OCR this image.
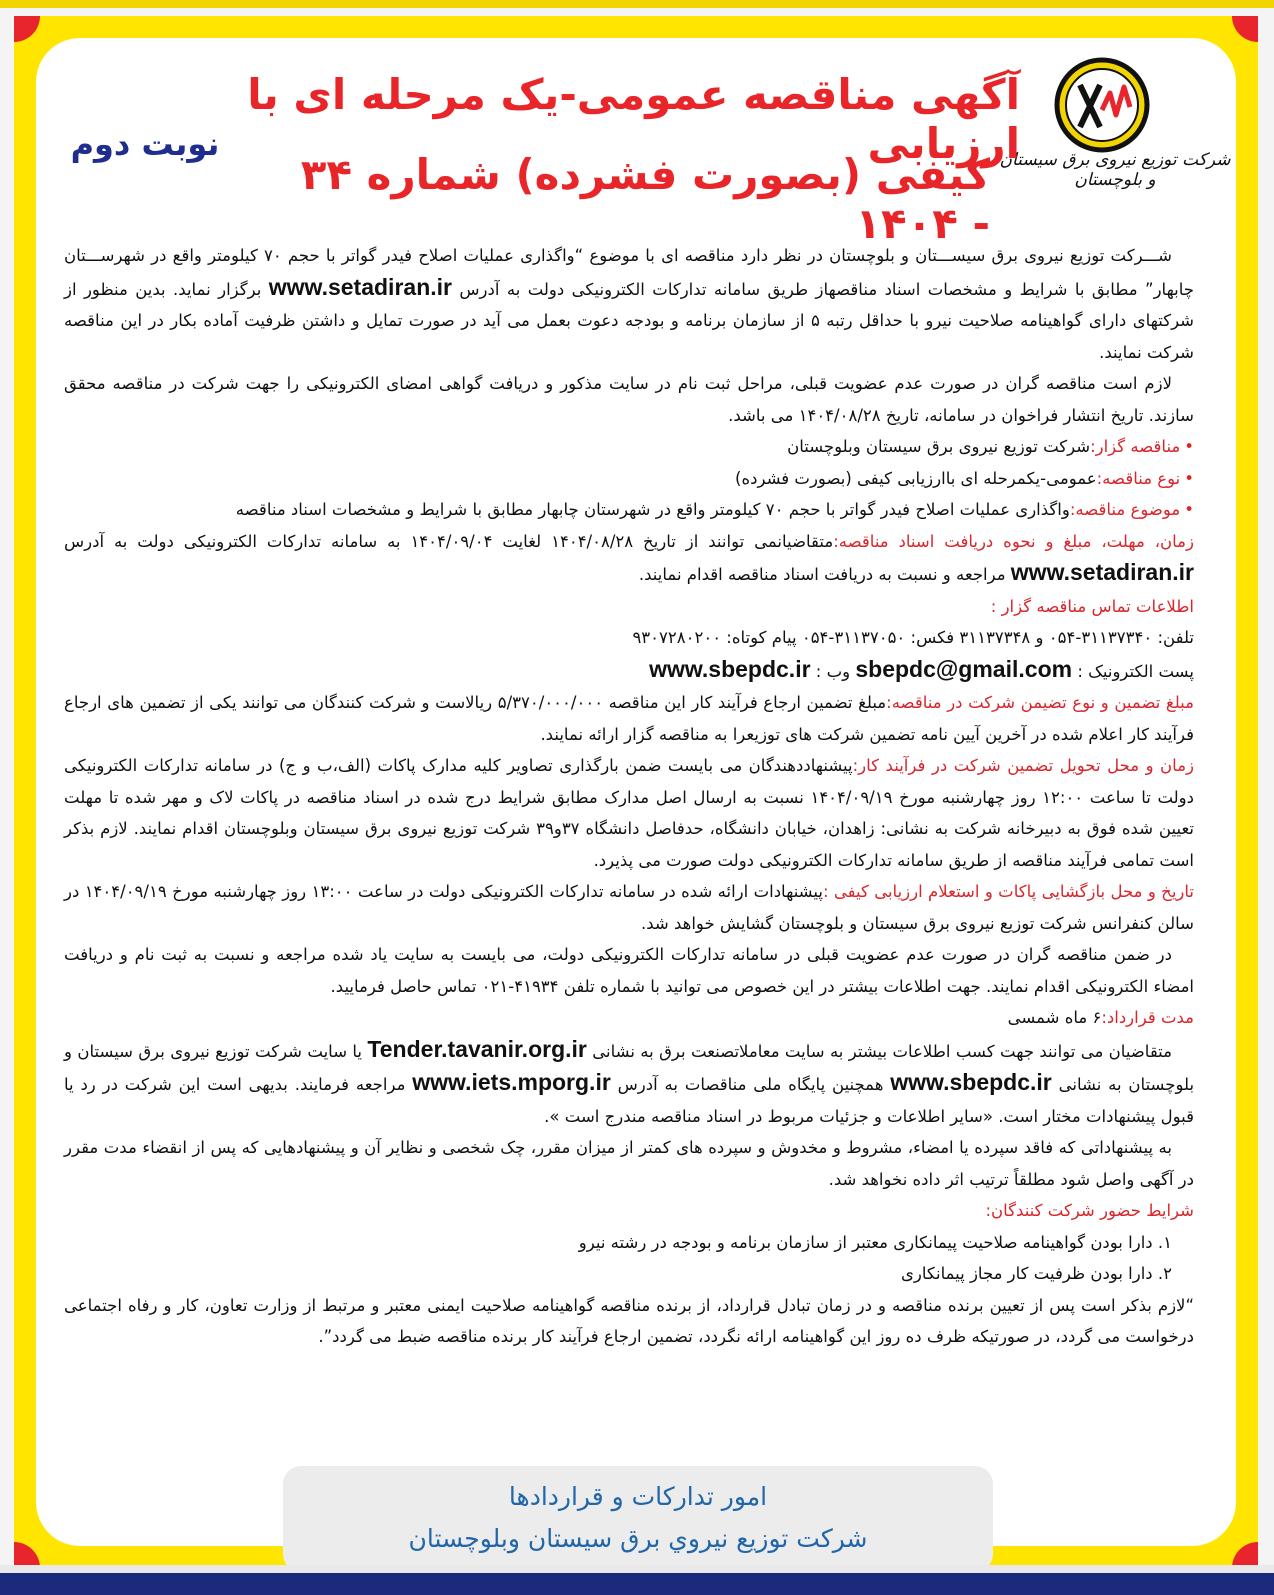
شرکت توزیع نیروی برق سیستان و بلوچستان
آگهی مناقصه عمومی-یک مرحله ای با ارزیابی
کیفی (بصورت فشرده) شماره ۳۴ - ۱۴۰۴
نوبت دوم

شـــرکت توزیع نیروی برق سیســـتان و بلوچستان در نظر دارد مناقصه ای با موضوع “واگذاری عملیات اصلاح فیدر گواتر با حجم ۷۰ کیلومتر واقع در شهرســـتان چابهار” مطابق با شرایط و مشخصات اسناد مناقصهاز طریق سامانه تدارکات الکترونیکی دولت به آدرس www.setadiran.ir برگزار نماید. بدین منظور از شرکتهای دارای گواهینامه صلاحیت نیرو با حداقل رتبه ۵ از سازمان برنامه و بودجه دعوت بعمل می آید در صورت تمایل و داشتن ظرفیت آماده بکار در این مناقصه شرکت نمایند.

لازم است مناقصه گران در صورت عدم عضویت قبلی، مراحل ثبت نام در سایت مذکور و دریافت گواهی امضای الکترونیکی را جهت شرکت در مناقصه محقق سازند. تاریخ انتشار فراخوان در سامانه، تاریخ ۱۴۰۴/۰۸/۲۸ می باشد.

• مناقصه گزار:شرکت توزیع نیروی برق سیستان وبلوچستان

• نوع مناقصه:عمومی-یکمرحله ای باارزیابی کیفی (بصورت فشرده)

• موضوع مناقصه:واگذاری عملیات اصلاح فیدر گواتر با حجم ۷۰ کیلومتر واقع در شهرستان چابهار مطابق با شرایط و مشخصات اسناد مناقصه

زمان، مهلت، مبلغ و نحوه دریافت اسناد مناقصه:متقاضیانمی توانند از تاریخ ۱۴۰۴/۰۸/۲۸ لغایت ۱۴۰۴/۰۹/۰۴ به سامانه تدارکات الکترونیکی دولت به آدرس www.setadiran.ir مراجعه و نسبت به دریافت اسناد مناقصه اقدام نمایند.

اطلاعات تماس مناقصه گزار :

تلفن: ۳۱۱۳۷۳۴۰-۰۵۴ و ۳۱۱۳۷۳۴۸ فکس: ۳۱۱۳۷۰۵۰-۰۵۴ پیام کوتاه: ۹۳۰۷۲۸۰۲۰۰

پست الکترونیک : sbepdc@gmail.com وب : www.sbepdc.ir

مبلغ تضمین و نوع تضیمن شرکت در مناقصه:مبلغ تضمین ارجاع فرآیند کار این مناقصه ۵/۳۷۰/۰۰۰/۰۰۰ ریالاست و شرکت کنندگان می توانند یکی از تضمین های ارجاع فرآیند کار اعلام شده در آخرین آیین نامه تضمین شرکت های توزیعرا به مناقصه گزار ارائه نمایند.

زمان و محل تحویل تضمین شرکت در فرآیند کار:پیشنهاددهندگان می بایست ضمن بارگذاری تصاویر کلیه مدارک پاکات (الف،ب و ج) در سامانه تدارکات الکترونیکی دولت تا ساعت ۱۲:۰۰ روز چهارشنبه مورخ ۱۴۰۴/۰۹/۱۹ نسبت به ارسال اصل مدارک مطابق شرایط درج شده در اسناد مناقصه در پاکات لاک و مهر شده تا مهلت تعیین شده فوق به دبیرخانه شرکت به نشانی: زاهدان، خیابان دانشگاه، حدفاصل دانشگاه ۳۷و۳۹ شرکت توزیع نیروی برق سیستان وبلوچستان اقدام نمایند. لازم بذکر است تمامی فرآیند مناقصه از طریق سامانه تدارکات الکترونیکی دولت صورت می پذیرد.

تاریخ و محل بازگشایی پاکات و استعلام ارزیابی کیفی :پیشنهادات ارائه شده در سامانه تدارکات الکترونیکی دولت در ساعت ۱۳:۰۰ روز چهارشنبه مورخ ۱۴۰۴/۰۹/۱۹ در سالن کنفرانس شرکت توزیع نیروی برق سیستان و بلوچستان گشایش خواهد شد.

در ضمن مناقصه گران در صورت عدم عضویت قبلی در سامانه تدارکات الکترونیکی دولت، می بایست به سایت یاد شده مراجعه و نسبت به ثبت نام و دریافت امضاء الکترونیکی اقدام نمایند. جهت اطلاعات بیشتر در این خصوص می توانید با شماره تلفن ۴۱۹۳۴-۰۲۱ تماس حاصل فرمایید.

مدت قرارداد:۶ ماه شمسی

متقاضیان می توانند جهت کسب اطلاعات بیشتر به سایت معاملاتصنعت برق به نشانی Tender.tavanir.org.ir یا سایت شرکت توزیع نیروی برق سیستان و بلوچستان به نشانی www.sbepdc.ir همچنین پایگاه ملی مناقصات به آدرس www.iets.mporg.ir مراجعه فرمایند. بدیهی است این شرکت در رد یا قبول پیشنهادات مختار است. «سایر اطلاعات و جزئیات مربوط در اسناد مناقصه مندرج است ».

به پیشنهاداتی که فاقد سپرده یا امضاء، مشروط و مخدوش و سپرده های کمتر از میزان مقرر، چک شخصی و نظایر آن و پیشنهادهایی که پس از انقضاء مدت مقرر در آگهی واصل شود مطلقاً ترتیب اثر داده نخواهد شد.

شرایط حضور شرکت کنندگان:

۱. دارا بودن گواهینامه صلاحیت پیمانکاری معتبر از سازمان برنامه و بودجه در رشته نیرو

۲. دارا بودن ظرفیت کار مجاز پیمانکاری

“لازم بذکر است پس از تعیین برنده مناقصه و در زمان تبادل قرارداد، از برنده مناقصه گواهینامه صلاحیت ایمنی معتبر و مرتبط از وزارت تعاون، کار و رفاه اجتماعی درخواست می گردد، در صورتیکه ظرف ده روز این گواهینامه ارائه نگردد، تضمین ارجاع فرآیند کار برنده مناقصه ضبط می گردد”.

امور تدارکات و قراردادها
شرکت توزیع نیروي برق سیستان وبلوچستان
